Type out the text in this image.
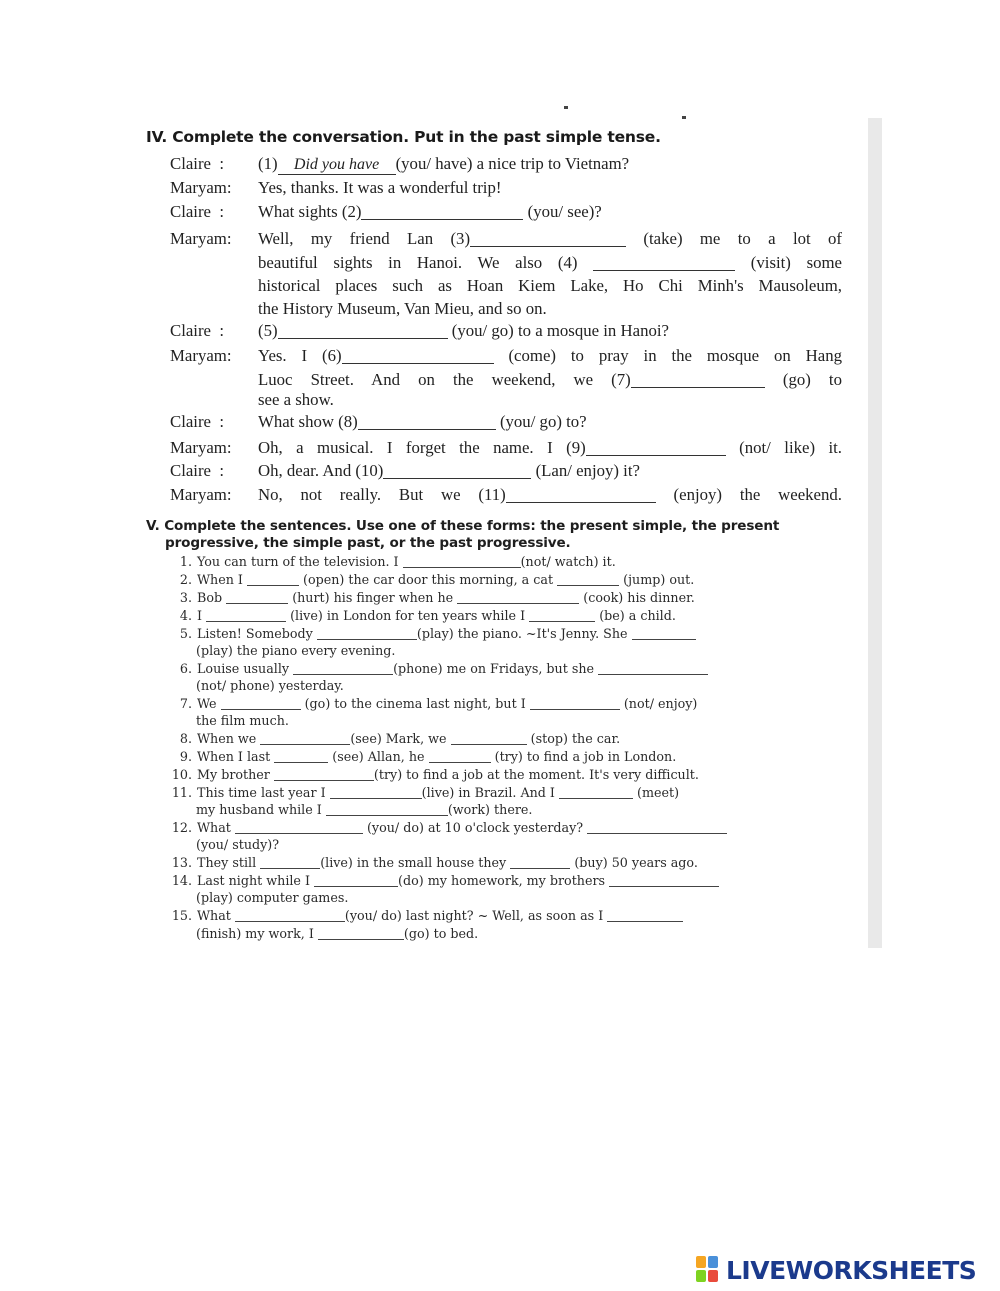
IV. Complete the conversation. Put in the past simple tense.
Claire : (1) Did you have (you/ have) a nice trip to Vietnam?
Maryam: Yes, thanks. It was a wonderful trip!
Claire : What sights (2)	(you/ see)?
Maryam: Well, my friend Lan (3)	(take) me to a lot of
beautiful sights in Hanoi. We also (4)	(visit) some
historical places such as Hoan Kiem Lake, Ho Chi Minh's Mausoleum,
the History Museum, Van Mieu, and so on.
Claire : (5)	(you/ go) to a mosque in Hanoi?
Maryam: Yes. I (6)	(come) to pray in the mosque on Hang
Luoc Street. And on the weekend, we (7)	(go) to
see a show.
Claire : What show (8)	(you/ go) to?
Maryam: Oh, a musical. I forget the name. I (9)	(not/ like) it.
Claire : Oh, dear. And (10)	(Lan/ enjoy) it?
Maryam: No, not really. But we (11)	(enjoy) the weekend.
V. Complete the sentences. Use one of these forms: the present simple, the present
progressive, the simple past, or the past progressive.
1. You can turn of the television. I	(not/ watch) it.
2. When I	(open) the car door this morning, a cat	(jump) out.
3. Bob	(hurt) his finger when he	(cook) his dinner.
4. I	(live) in London for ten years while I	(be) a child.
5. Listen! Somebody	(play) the piano. ~It's Jenny. She
(play) the piano every evening.
6. Louise usually	(phone) me on Fridays, but she
(not/ phone) yesterday.
7. We	(go) to the cinema last night, but I	(not/ enjoy)
the film much.
8. When we	(see) Mark, we	(stop) the car.
9. When I last	(see) Allan, he	(try) to find a job in London.
10. My brother	(try) to find a job at the moment. It's very difficult.
11. This time last year I	(live) in Brazil. And I	(meet)
my husband while I	(work) there.
12. What	(you/ do) at 10 o'clock yesterday?
(you/ study)?
13. They still	(live) in the small house they	(buy) 50 years ago.
14. Last night while I	(do) my homework, my brothers
(play) computer games.
15. What	(you/ do) last night? ~ Well, as soon as I
(finish) my work, I	(go) to bed.
LIVEWORKSHEETS
